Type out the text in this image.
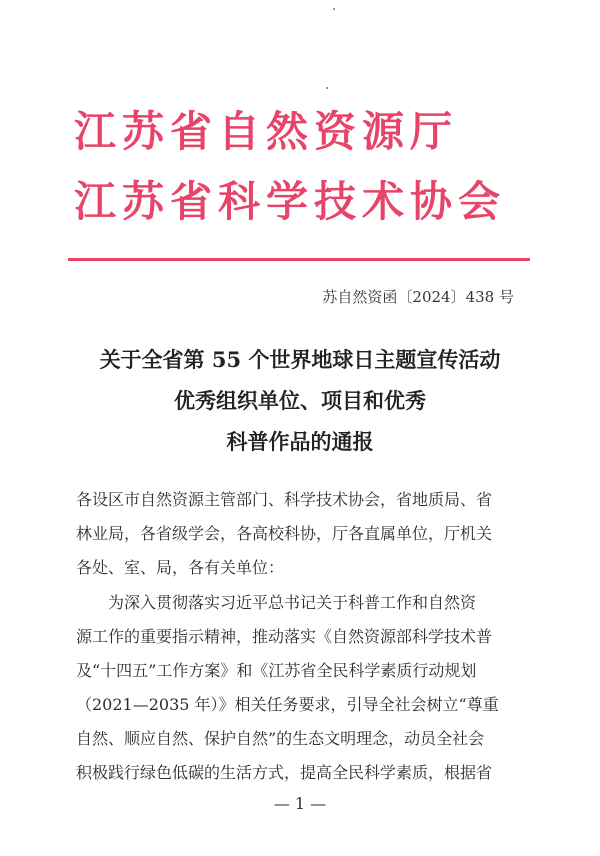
江苏省自然资源厅
江苏省科学技术协会
苏自然资函〔2024〕438 号
关于全省第 55 个世界地球日主题宣传活动
优秀组织单位、项目和优秀
科普作品的通报
各设区市自然资源主管部门、科学技术协会，省地质局、省
林业局，各省级学会，各高校科协，厅各直属单位，厅机关
各处、室、局，各有关单位：
为深入贯彻落实习近平总书记关于科普工作和自然资
源工作的重要指示精神，推动落实《自然资源部科学技术普
及“十四五”工作方案》和《江苏省全民科学素质行动规划
（2021—2035 年）》相关任务要求，引导全社会树立“尊重
自然、顺应自然、保护自然”的生态文明理念，动员全社会
积极践行绿色低碳的生活方式，提高全民科学素质，根据省
— 1 —
